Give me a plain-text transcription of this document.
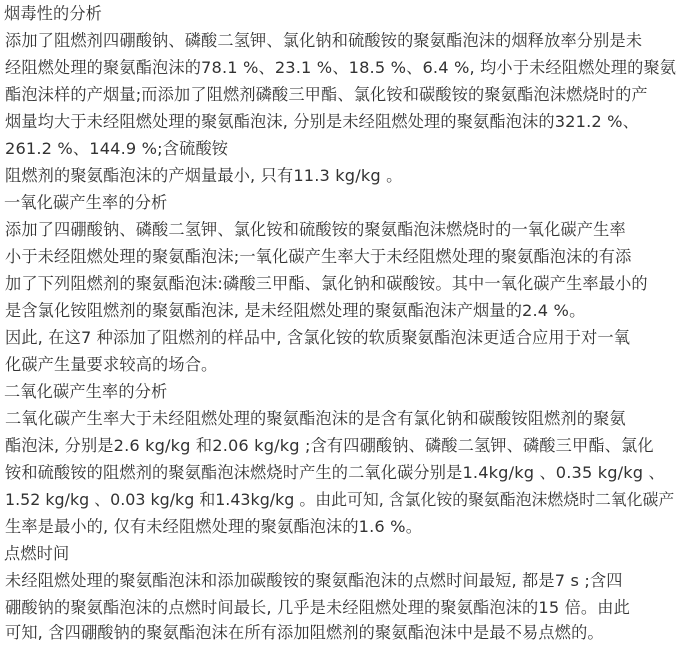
烟毒性的分析
添加了阻燃剂四硼酸钠、磷酸二氢钾、氯化钠和硫酸铵的聚氨酯泡沫的烟释放率分别是未
经阻燃处理的聚氨酯泡沫的78.1 %、23.1 %、18.5 %、6.4 %, 均小于未经阻燃处理的聚氨
酯泡沫样的产烟量;而添加了阻燃剂磷酸三甲酯、氯化铵和碳酸铵的聚氨酯泡沫燃烧时的产
烟量均大于未经阻燃处理的聚氨酯泡沫, 分别是未经阻燃处理的聚氨酯泡沫的321.2 %、
261.2 %、144.9 %;含硫酸铵
阻燃剂的聚氨酯泡沫的产烟量最小, 只有11.3 kg/kg 。
一氧化碳产生率的分析
添加了四硼酸钠、磷酸二氢钾、氯化铵和硫酸铵的聚氨酯泡沫燃烧时的一氧化碳产生率
小于未经阻燃处理的聚氨酯泡沫;一氧化碳产生率大于未经阻燃处理的聚氨酯泡沫的有添
加了下列阻燃剂的聚氨酯泡沫:磷酸三甲酯、氯化钠和碳酸铵。其中一氧化碳产生率最小的
是含氯化铵阻燃剂的聚氨酯泡沫, 是未经阻燃处理的聚氨酯泡沫产烟量的2.4 %。
因此, 在这7 种添加了阻燃剂的样品中, 含氯化铵的软质聚氨酯泡沫更适合应用于对一氧
化碳产生量要求较高的场合。
二氧化碳产生率的分析
二氧化碳产生率大于未经阻燃处理的聚氨酯泡沫的是含有氯化钠和碳酸铵阻燃剂的聚氨
酯泡沫, 分别是2.6 kg/kg 和2.06 kg/kg ;含有四硼酸钠、磷酸二氢钾、磷酸三甲酯、氯化
铵和硫酸铵的阻燃剂的聚氨酯泡沫燃烧时产生的二氧化碳分别是1.4kg/kg 、0.35 kg/kg 、
1.52 kg/kg 、0.03 kg/kg 和1.43kg/kg 。由此可知, 含氯化铵的聚氨酯泡沫燃烧时二氧化碳产
生率是最小的, 仅有未经阻燃处理的聚氨酯泡沫的1.6 %。
点燃时间
未经阻燃处理的聚氨酯泡沫和添加碳酸铵的聚氨酯泡沫的点燃时间最短, 都是7 s ;含四
硼酸钠的聚氨酯泡沫的点燃时间最长, 几乎是未经阻燃处理的聚氨酯泡沫的15 倍。由此
可知, 含四硼酸钠的聚氨酯泡沫在所有添加阻燃剂的聚氨酯泡沫中是最不易点燃的。
